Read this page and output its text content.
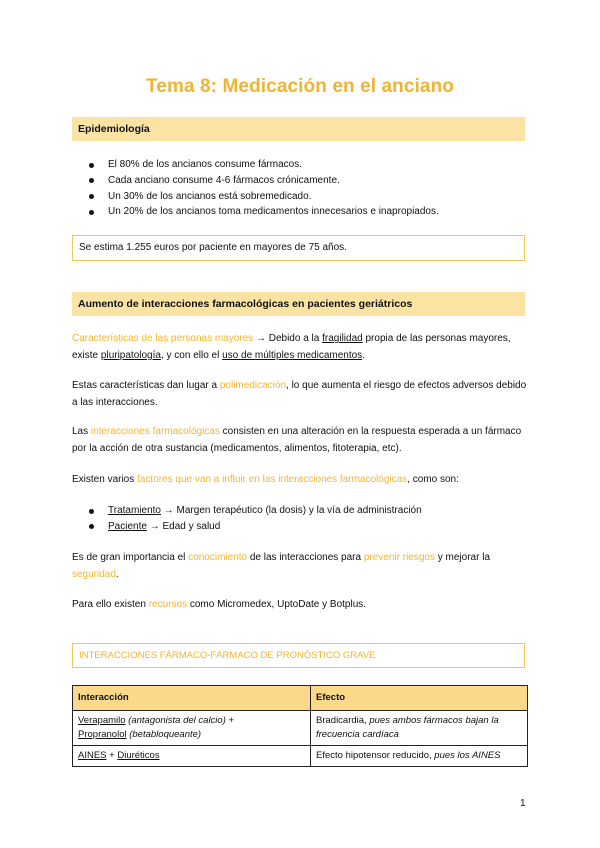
Tema 8: Medicación en el anciano
Epidemiología
El 80% de los ancianos consume fármacos.
Cada anciano consume 4-6 fármacos crónicamente.
Un 30% de los ancianos está sobremedicado.
Un 20% de los ancianos toma medicamentos innecesarios e inapropiados.
Se estima 1.255 euros por paciente en mayores de 75 años.
Aumento de interacciones farmacológicas en pacientes geriátricos

Características de las personas mayores → Debido a la fragilidad propia de las personas mayores, existe pluripatología, y con ello el uso de múltiples medicamentos.

Estas características dan lugar a polimedicación, lo que aumenta el riesgo de efectos adversos debido a las interacciones.

Las interacciones farmacológicas consisten en una alteración en la respuesta esperada a un fármaco por la acción de otra sustancia (medicamentos, alimentos, fitoterapia, etc).

Existen varios factores que van a influir en las interacciones farmacológicas, como son:

Tratamiento → Margen terapéutico (la dosis) y la vía de administración
Paciente → Edad y salud

Es de gran importancia el conocimiento de las interacciones para prevenir riesgos y mejorar la seguridad.

Para ello existen recursos como Micromedex, UptoDate y Botplus.

INTERACCIONES FÁRMACO-FÁRMACO DE PRONÓSTICO GRAVE
Interacción	Efecto
Verapamilo (antagonista del calcio) +
Propranolol (betabloqueante)	Bradicardia, pues ambos fármacos bajan la frecuencia cardíaca
AINES + Diuréticos	Efecto hipotensor reducido, pues los AINES
1
